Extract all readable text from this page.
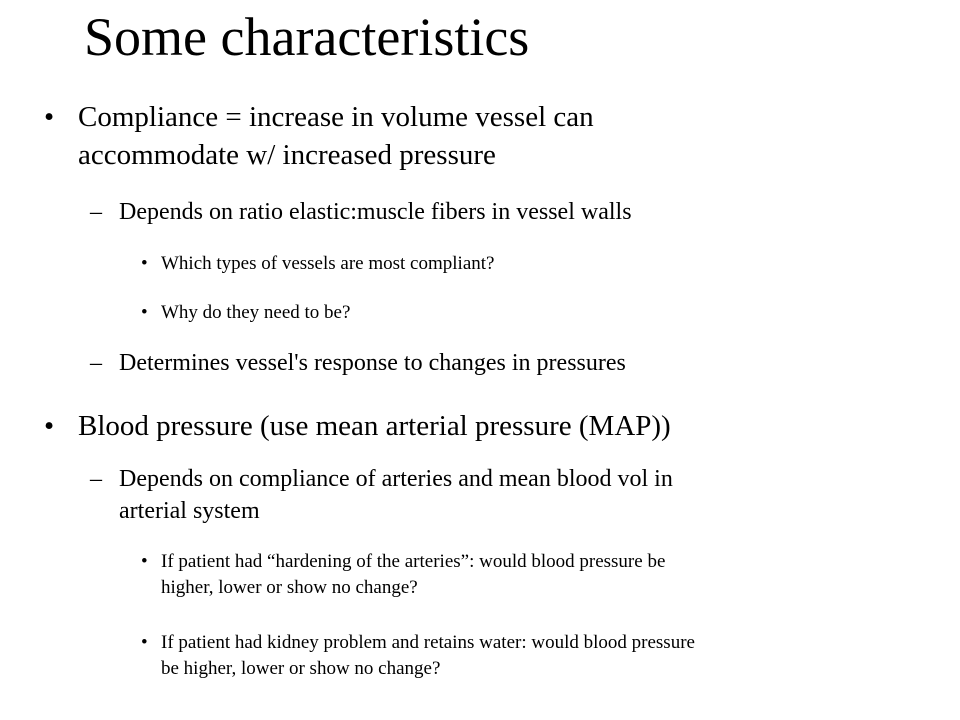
Some characteristics
• Compliance = increase in volume vessel can
accommodate w/ increased pressure
– Depends on ratio elastic:muscle fibers in vessel walls
• Which types of vessels are most compliant?
• Why do they need to be?
– Determines vessel's response to changes in pressures
• Blood pressure (use mean arterial pressure (MAP))
– Depends on compliance of arteries and mean blood vol in
arterial system
• If patient had “hardening of the arteries”: would blood pressure be
higher, lower or show no change?
• If patient had kidney problem and retains water: would blood pressure
be higher, lower or show no change?
